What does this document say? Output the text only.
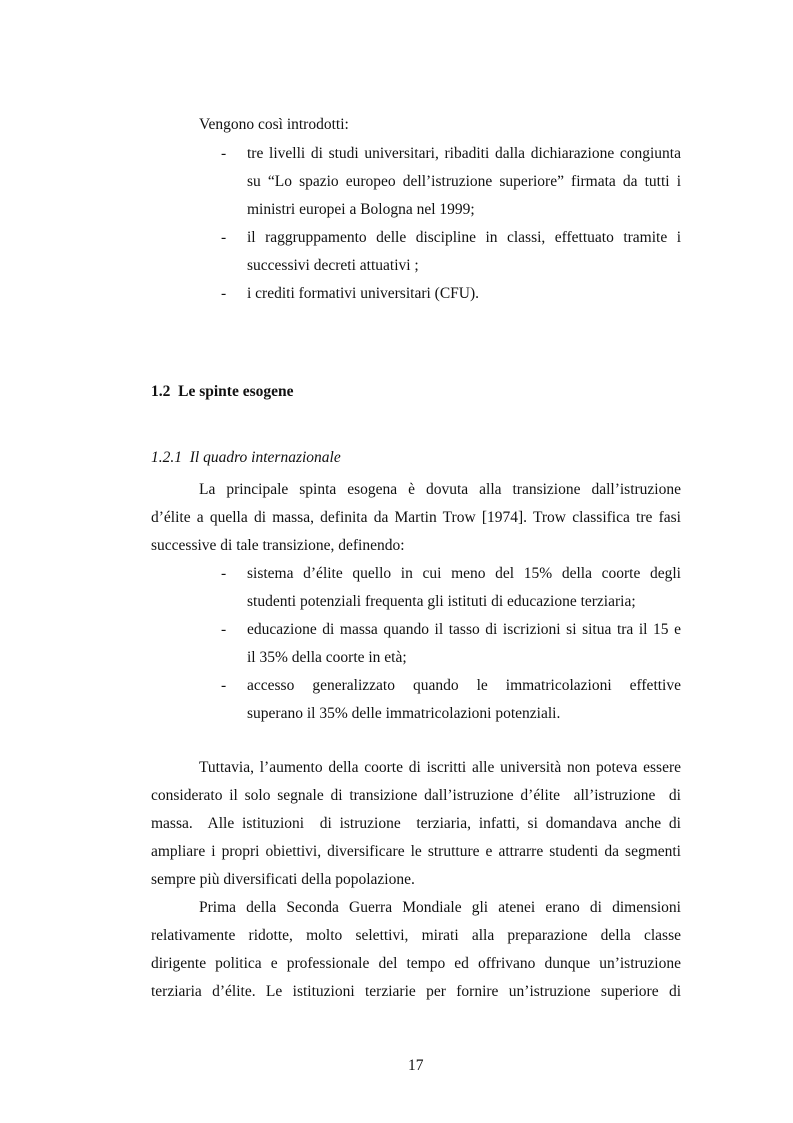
Vengono così introdotti:
- tre livelli di studi universitari, ribaditi dalla dichiarazione congiunta
su “Lo spazio europeo dell’istruzione superiore” firmata da tutti i
ministri europei a Bologna nel 1999;
- il raggruppamento delle discipline in classi, effettuato tramite i
successivi decreti attuativi ;
- i crediti formativi universitari (CFU).
1.2  Le spinte esogene
1.2.1  Il quadro internazionale
La principale spinta esogena è dovuta alla transizione dall’istruzione
d’élite a quella di massa, definita da Martin Trow [1974]. Trow classifica tre fasi
successive di tale transizione, definendo:
- sistema d’élite quello in cui meno del 15% della coorte degli
studenti potenziali frequenta gli istituti di educazione terziaria;
- educazione di massa quando il tasso di iscrizioni si situa tra il 15 e
il 35% della coorte in età;
- accesso generalizzato quando le immatricolazioni effettive
superano il 35% delle immatricolazioni potenziali.
Tuttavia, l’aumento della coorte di iscritti alle università non poteva essere
considerato il solo segnale di transizione dall’istruzione d’élite  all’istruzione  di
massa.  Alle istituzioni  di istruzione  terziaria, infatti, si domandava anche di
ampliare i propri obiettivi, diversificare le strutture e attrarre studenti da segmenti
sempre più diversificati della popolazione.
Prima della Seconda Guerra Mondiale gli atenei erano di dimensioni
relativamente ridotte, molto selettivi, mirati alla preparazione della classe
dirigente politica e professionale del tempo ed offrivano dunque un’istruzione
terziaria d’élite. Le istituzioni terziarie per fornire un’istruzione superiore di
17
